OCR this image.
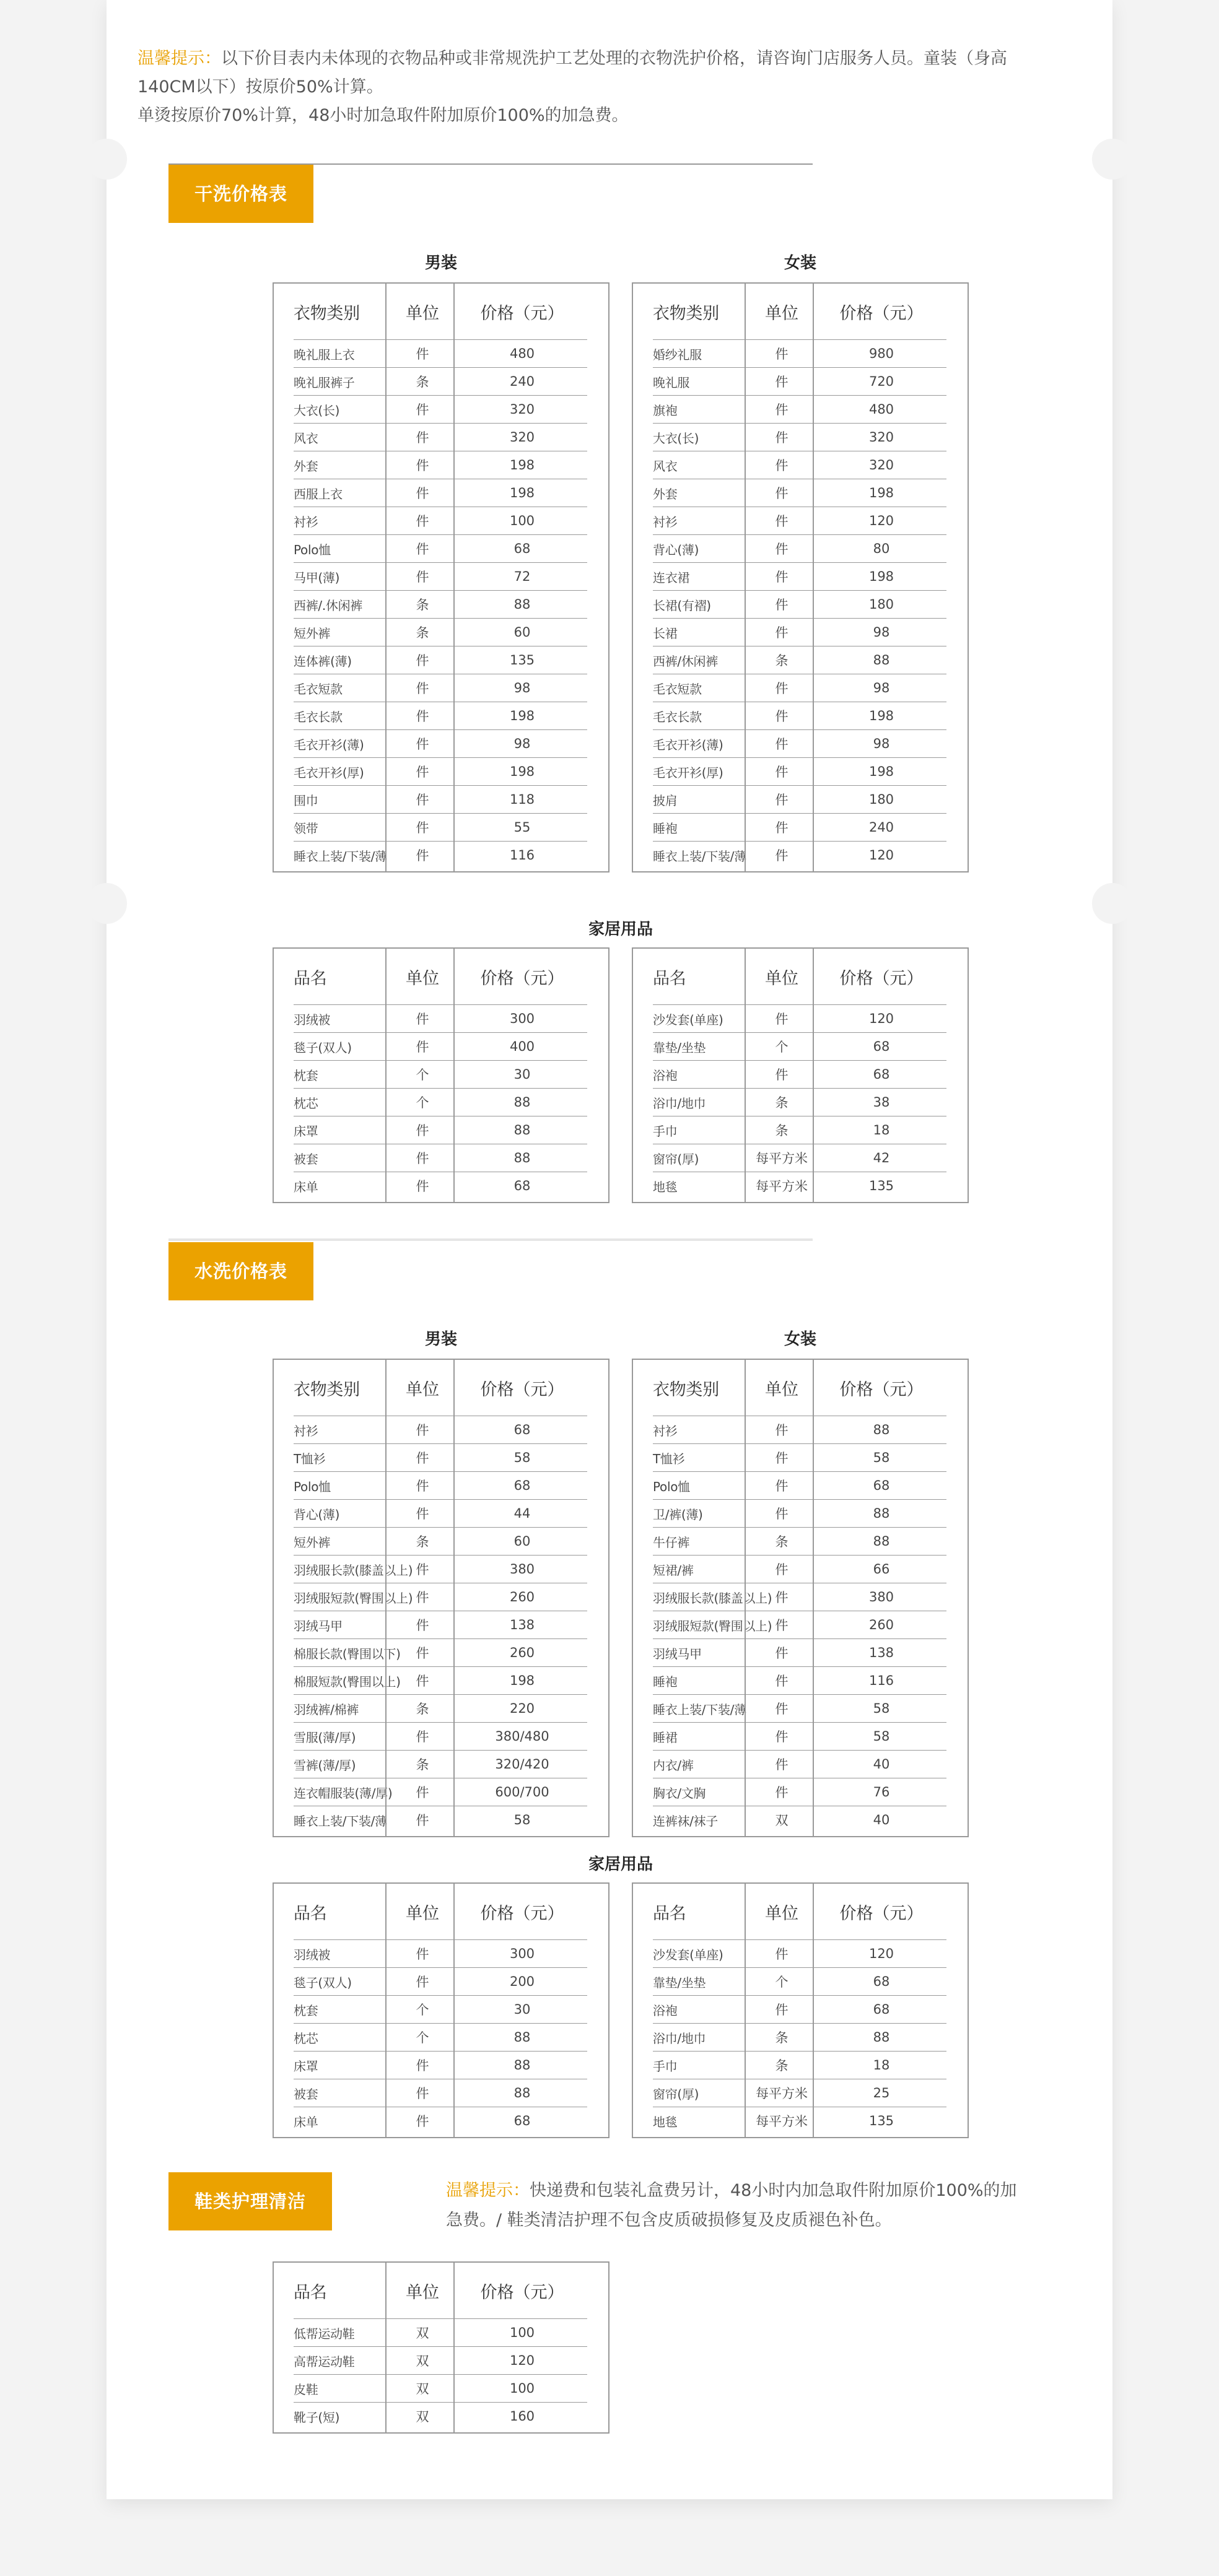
温馨提示：以下价目表内未体现的衣物品种或非常规洗护工艺处理的衣物洗护价格，请咨询门店服务人员。童装（身高140CM以下）按原价50%计算。

单烫按原价70%计算，48小时加急取件附加原价100%的加急费。

干洗价格表
男装	女装
衣物类别	单位	价格（元）
晚礼服上衣	件	480
晚礼服裤子	条	240
大衣(长)	件	320
风衣	件	320
外套	件	198
西服上衣	件	198
衬衫	件	100
Polo恤	件	68
马甲(薄)	件	72
西裤/.休闲裤	条	88
短外裤	条	60
连体裤(薄)	件	135
毛衣短款	件	98
毛衣长款	件	198
毛衣开衫(薄)	件	98
毛衣开衫(厚)	件	198
围巾	件	118
领带	件	55
睡衣上装/下装/薄	件	116
衣物类别	单位	价格（元）
婚纱礼服	件	980
晚礼服	件	720
旗袍	件	480
大衣(长)	件	320
风衣	件	320
外套	件	198
衬衫	件	120
背心(薄)	件	80
连衣裙	件	198
长裙(有褶)	件	180
长裙	件	98
西裤/休闲裤	条	88
毛衣短款	件	98
毛衣长款	件	198
毛衣开衫(薄)	件	98
毛衣开衫(厚)	件	198
披肩	件	180
睡袍	件	240
睡衣上装/下装/薄	件	120
家居用品
品名	单位	价格（元）
羽绒被	件	300
毯子(双人)	件	400
枕套	个	30
枕芯	个	88
床罩	件	88
被套	件	88
床单	件	68
品名	单位	价格（元）
沙发套(单座)	件	120
靠垫/坐垫	个	68
浴袍	件	68
浴巾/地巾	条	38
手巾	条	18
窗帘(厚)	每平方米	42
地毯	每平方米	135
水洗价格表
男装	女装
衣物类别	单位	价格（元）
衬衫	件	68
T恤衫	件	58
Polo恤	件	68
背心(薄)	件	44
短外裤	条	60
羽绒服长款(膝盖以上) 件	380
羽绒服短款(臀围以上) 件	260
羽绒马甲	件	138
棉服长款(臀围以下)	件	260
棉服短款(臀围以上)	件	198
羽绒裤/棉裤	条	220
雪服(薄/厚)	件	380/480
雪裤(薄/厚)	条	320/420
连衣帽服装(薄/厚)	件	600/700
睡衣上装/下装/薄	件	58
衣物类别	单位	价格（元）
衬衫	件	88
T恤衫	件	58
Polo恤	件	68
卫/裤(薄)	件	88
牛仔裤	条	88
短裙/裤	件	66
羽绒服长款(膝盖以上) 件	380
羽绒服短款(臀围以上) 件	260
羽绒马甲	件	138
睡袍	件	116
睡衣上装/下装/薄	件	58
睡裙	件	58
内衣/裤	件	40
胸衣/文胸	件	76
连裤袜/袜子	双	40
家居用品
品名	单位	价格（元）
羽绒被	件	300
毯子(双人)	件	200
枕套	个	30
枕芯	个	88
床罩	件	88
被套	件	88
床单	件	68
品名	单位	价格（元）
沙发套(单座)	件	120
靠垫/坐垫	个	68
浴袍	件	68
浴巾/地巾	条	88
手巾	条	18
窗帘(厚)	每平方米	25
地毯	每平方米	135
鞋类护理清洁

温馨提示：快递费和包装礼盒费另计，48小时内加急取件附加原价100%的加急费。/ 鞋类清洁护理不包含皮质破损修复及皮质褪色补色。

品名	单位	价格（元）
低帮运动鞋	双	100
高帮运动鞋	双	120
皮鞋	双	100
靴子(短)	双	160
